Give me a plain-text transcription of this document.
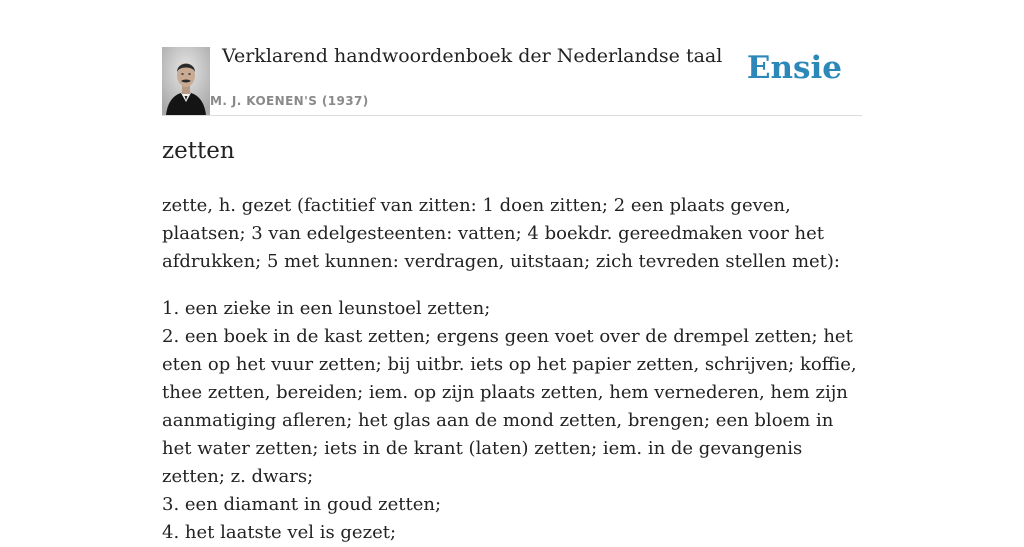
Verklarend handwoordenboek der Nederlandse taal
M. J. KOENEN'S (1937)
Ensie
zetten

zette, h. gezet (factitief van zitten: 1 doen zitten; 2 een plaats geven, plaatsen; 3 van edelgesteenten: vatten; 4 boekdr. gereedmaken voor het afdrukken; 5 met kunnen: verdragen, uitstaan; zich tevreden stellen met):

1. een zieke in een leunstoel zetten;
2. een boek in de kast zetten; ergens geen voet over de drempel zetten; het eten op het vuur zetten; bij uitbr. iets op het papier zetten, schrijven; koffie, thee zetten, bereiden; iem. op zijn plaats zetten, hem vernederen, hem zijn aanmatiging afleren; het glas aan de mond zetten, brengen; een bloem in het water zetten; iets in de krant (laten) zetten; iem. in de gevangenis zetten; z. dwars;
3. een diamant in goud zetten;
4. het laatste vel is gezet;
